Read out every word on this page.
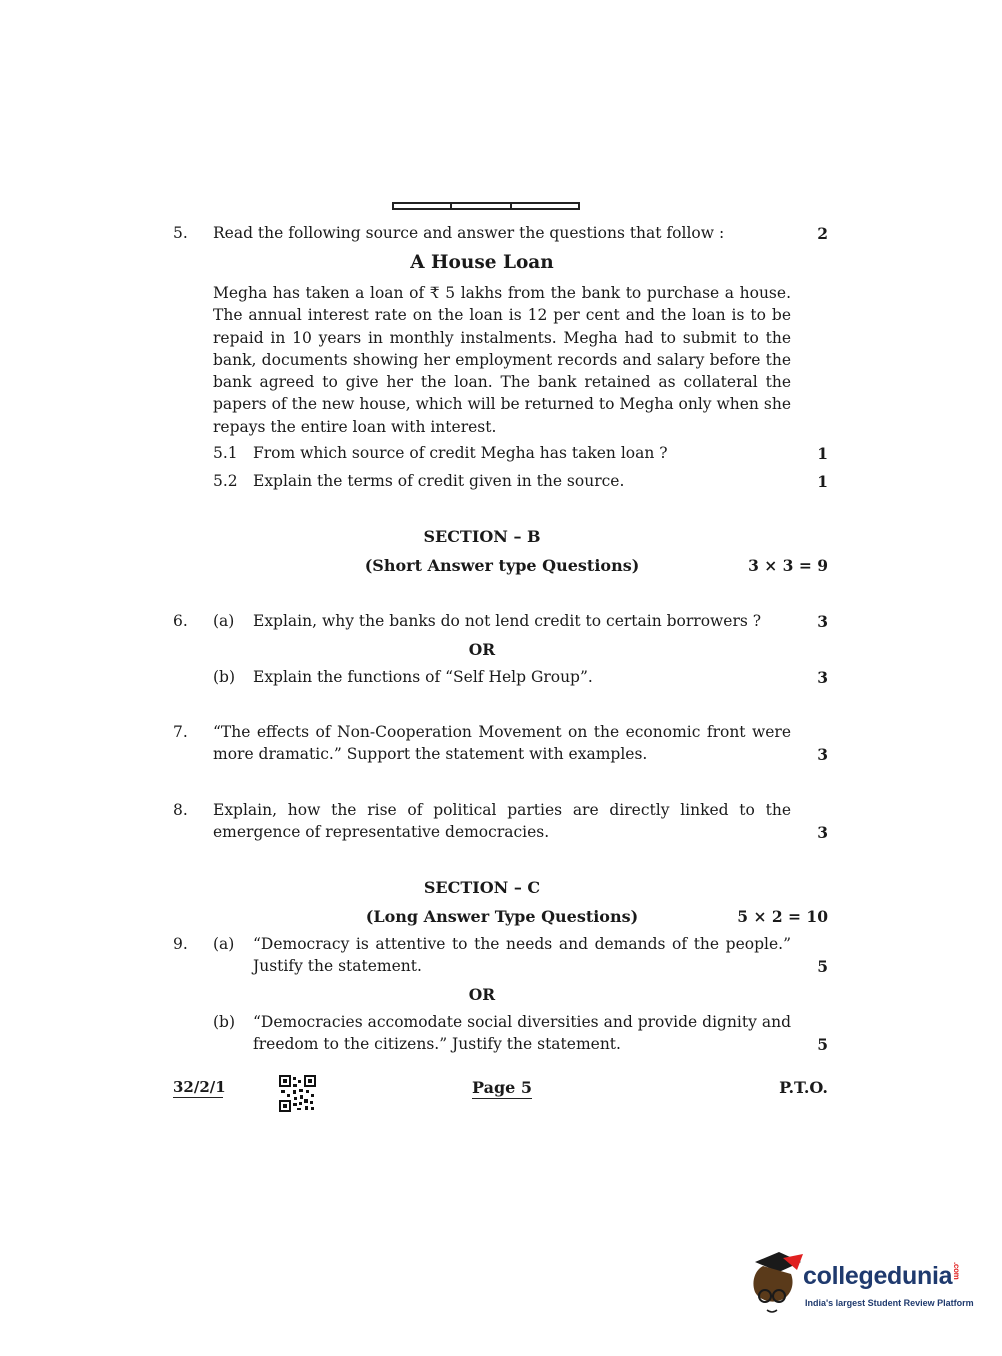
5. Read the following source and answer the questions that follow :	2
A House Loan
Megha has taken a loan of ₹ 5 lakhs from the bank to purchase a house. The annual interest rate on the loan is 12 per cent and the loan is to be repaid in 10 years in monthly instalments. Megha had to submit to the bank, documents showing her employment records and salary before the bank agreed to give her the loan. The bank retained as collateral the papers of the new house, which will be returned to Megha only when she repays the entire loan with interest.
5.1 From which source of credit Megha has taken loan ?	1
5.2 Explain the terms of credit given in the source.	1
SECTION – B
(Short Answer type Questions)	3 × 3 = 9
6. (a) Explain, why the banks do not lend credit to certain borrowers ?	3
OR
(b) Explain the functions of “Self Help Group”.	3
7. “The effects of Non-Cooperation Movement on the economic front were
more dramatic.” Support the statement with examples.	3
8. Explain, how the rise of political parties are directly linked to the
emergence of representative democracies.	3
SECTION – C
(Long Answer Type Questions)	5 × 2 = 10
9. (a) “Democracy is attentive to the needs and demands of the people.”
Justify the statement.	5
OR
(b) “Democracies accomodate social diversities and provide dignity and
freedom to the citizens.” Justify the statement.	5
32/2/1	Page 5	P.T.O.
collegedunia.com
India's largest Student Review Platform
